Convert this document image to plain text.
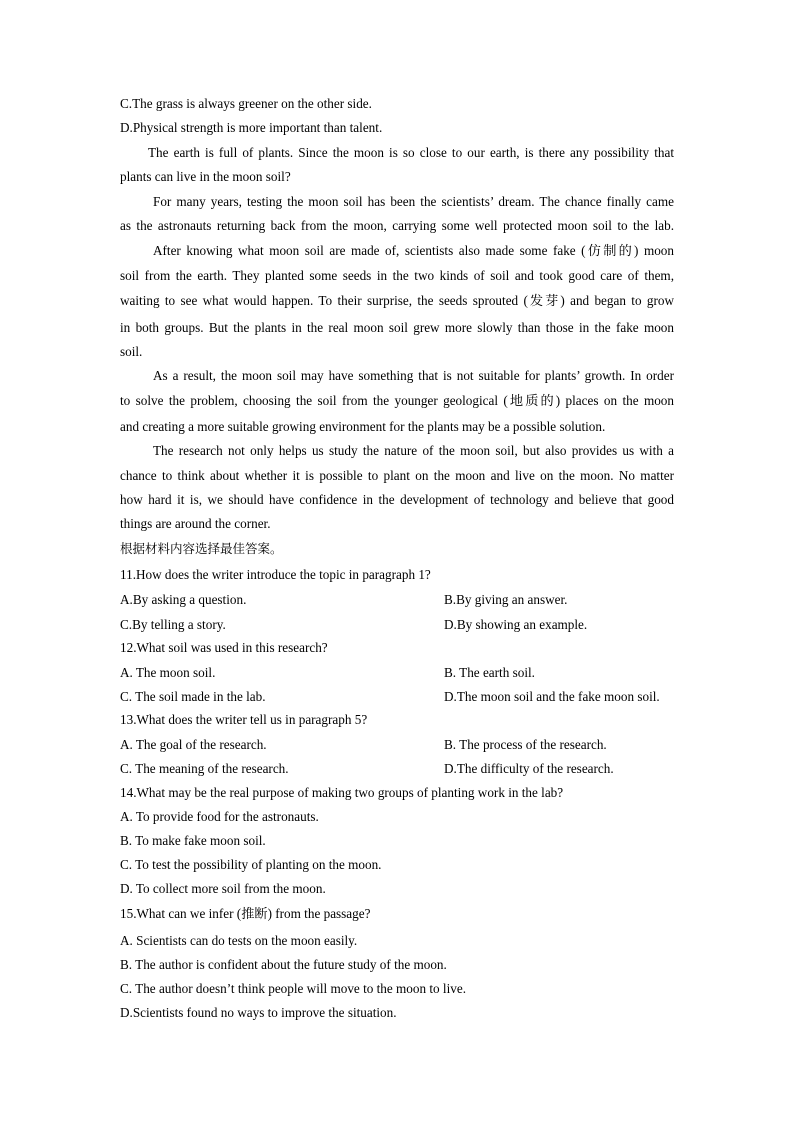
C.The grass is always greener on the other side.
D.Physical strength is more important than talent.
The earth is full of plants. Since the moon is so close to our earth, is there any possibility that
plants can live in the moon soil?
For many years, testing the moon soil has been the scientists’ dream. The chance finally came
as the astronauts returning back from the moon, carrying some well protected moon soil to the lab.
After knowing what moon soil are made of, scientists also made some fake (仿制的) moon
soil from the earth. They planted some seeds in the two kinds of soil and took good care of them,
waiting to see what would happen. To their surprise, the seeds sprouted (发芽) and began to grow
in both groups. But the plants in the real moon soil grew more slowly than those in the fake moon
soil.
As a result, the moon soil may have something that is not suitable for plants’ growth. In order
to solve the problem, choosing the soil from the younger geological (地质的) places on the moon
and creating a more suitable growing environment for the plants may be a possible solution.
The research not only helps us study the nature of the moon soil, but also provides us with a
chance to think about whether it is possible to plant on the moon and live on the moon. No matter
how hard it is, we should have confidence in the development of technology and believe that good
things are around the corner.
根据材料内容选择最佳答案。
11.How does the writer introduce the topic in paragraph 1?
A.By asking a question.	B.By giving an answer.
C.By telling a story.	D.By showing an example.
12.What soil was used in this research?
A. The moon soil.	B. The earth soil.
C. The soil made in the lab.	D.The moon soil and the fake moon soil.
13.What does the writer tell us in paragraph 5?
A. The goal of the research.	B. The process of the research.
C. The meaning of the research.	D.The difficulty of the research.
14.What may be the real purpose of making two groups of planting work in the lab?
A. To provide food for the astronauts.
B. To make fake moon soil.
C. To test the possibility of planting on the moon.
D. To collect more soil from the moon.
15.What can we infer (推断) from the passage?
A. Scientists can do tests on the moon easily.
B. The author is confident about the future study of the moon.
C. The author doesn’t think people will move to the moon to live.
D.Scientists found no ways to improve the situation.
